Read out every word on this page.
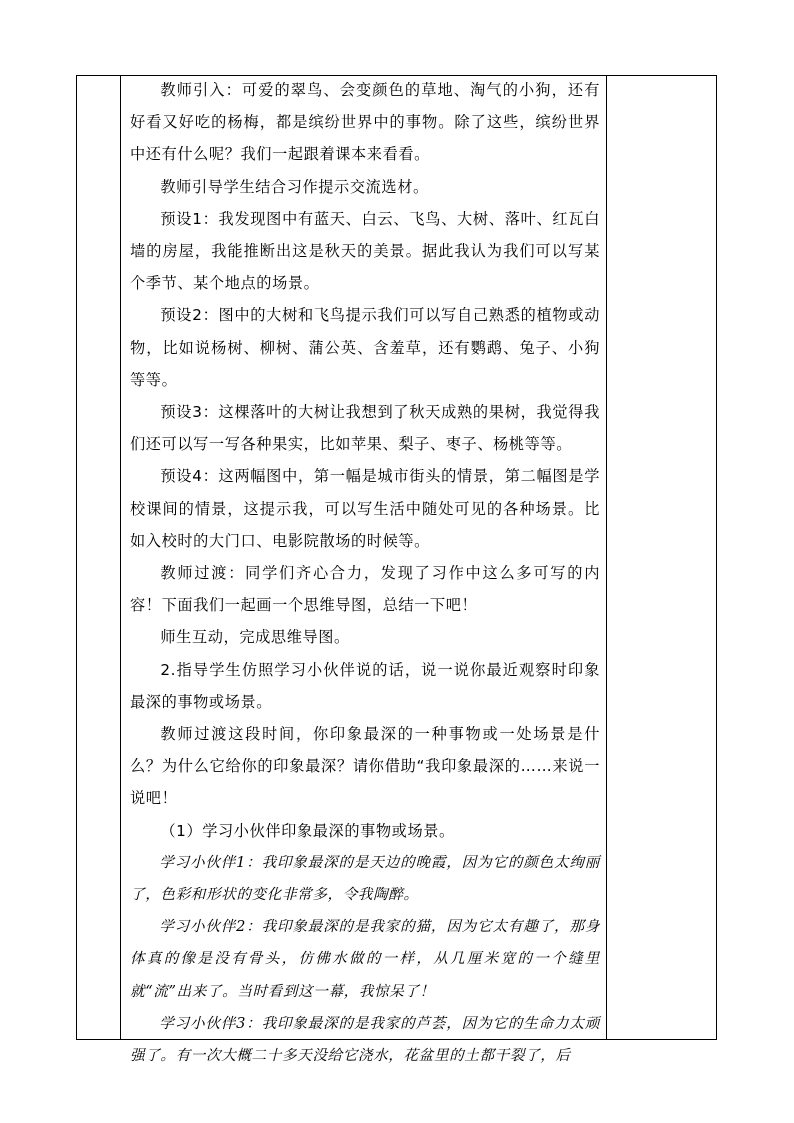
教师引入：可爱的翠鸟、会变颜色的草地、淘气的小狗，还有好看又好吃的杨梅，都是缤纷世界中的事物。除了这些，缤纷世界中还有什么呢？我们一起跟着课本来看看。

教师引导学生结合习作提示交流选材。

预设1：我发现图中有蓝天、白云、飞鸟、大树、落叶、红瓦白墙的房屋，我能推断出这是秋天的美景。据此我认为我们可以写某个季节、某个地点的场景。

预设2：图中的大树和飞鸟提示我们可以写自己熟悉的植物或动物，比如说杨树、柳树、蒲公英、含羞草，还有鹦鹉、兔子、小狗等等。

预设3：这棵落叶的大树让我想到了秋天成熟的果树，我觉得我们还可以写一写各种果实，比如苹果、梨子、枣子、杨桃等等。

预设4：这两幅图中，第一幅是城市街头的情景，第二幅图是学校课间的情景，这提示我，可以写生活中随处可见的各种场景。比如入校时的大门口、电影院散场的时候等。

教师过渡：同学们齐心合力，发现了习作中这么多可写的内容！下面我们一起画一个思维导图，总结一下吧！

师生互动，完成思维导图。

2.指导学生仿照学习小伙伴说的话，说一说你最近观察时印象最深的事物或场景。

教师过渡这段时间，你印象最深的一种事物或一处场景是什么？为什么它给你的印象最深？请你借助“我印象最深的……来说一说吧！

（1）学习小伙伴印象最深的事物或场景。

学习小伙伴1：我印象最深的是天边的晚霞，因为它的颜色太绚丽了，色彩和形状的变化非常多，令我陶醉。

学习小伙伴2：我印象最深的是我家的猫，因为它太有趣了，那身体真的像是没有骨头，仿佛水做的一样，从几厘米宽的一个缝里就“流”出来了。当时看到这一幕，我惊呆了！

学习小伙伴3：我印象最深的是我家的芦荟，因为它的生命力太顽强了。有一次大概二十多天没给它浇水，花盆里的土都干裂了，后
